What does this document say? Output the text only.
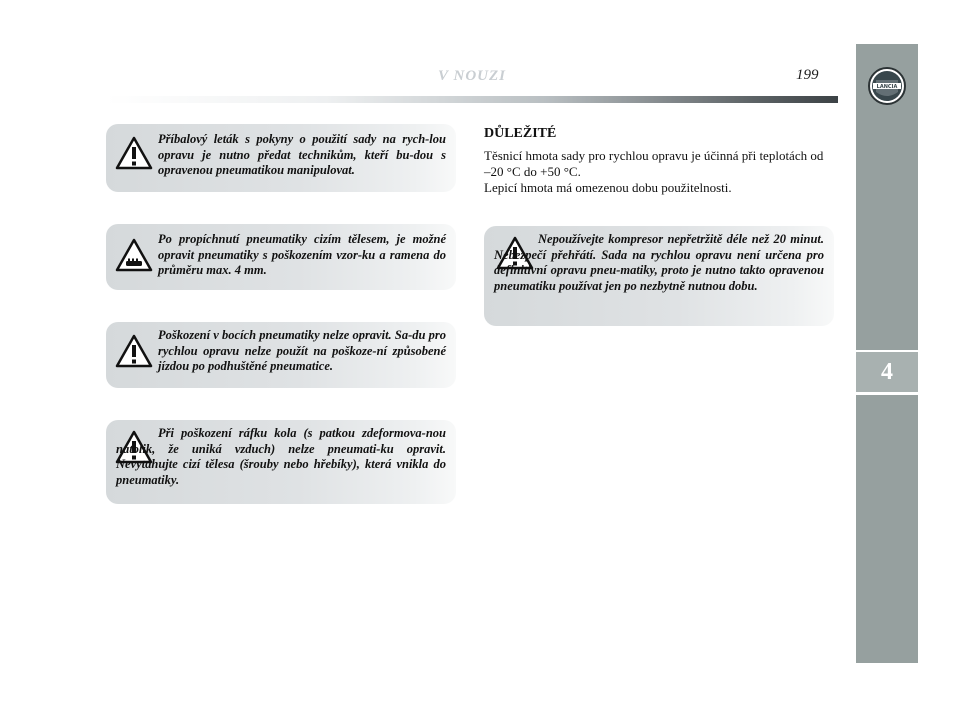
V NOUZI	199
4
LANCIA

Příbalový leták s pokyny o použití sady na rych-lou opravu je nutno předat technikům, kteří bu-dou s opravenou pneumatikou manipulovat.

Po propíchnutí pneumatiky cizím tělesem, je možné opravit pneumatiky s poškozením vzor-ku a ramena do průměru max. 4 mm.

Poškození v bocích pneumatiky nelze opravit. Sa-du pro rychlou opravu nelze použít na poškoze-ní způsobené jízdou po podhuštěné pneumatice.

Při poškození ráfku kola (s patkou zdeformova-nou natolik, že uniká vzduch) nelze pneumati-ku opravit. Nevytahujte cizí tělesa (šrouby nebo hřebíky), která vnikla do pneumatiky.

DŮLEŽITÉ

Těsnicí hmota sady pro rychlou opravu je účinná při teplotách od –20 °C do +50 °C.
Lepicí hmota má omezenou dobu použitelnosti.

Nepoužívejte kompresor nepřetržitě déle než 20 minut. Nebezpečí přehřátí. Sada na rychlou opravu není určena pro definitivní opravu pneu-matiky, proto je nutno takto opravenou pneumatiku používat jen po nezbytně nutnou dobu.
